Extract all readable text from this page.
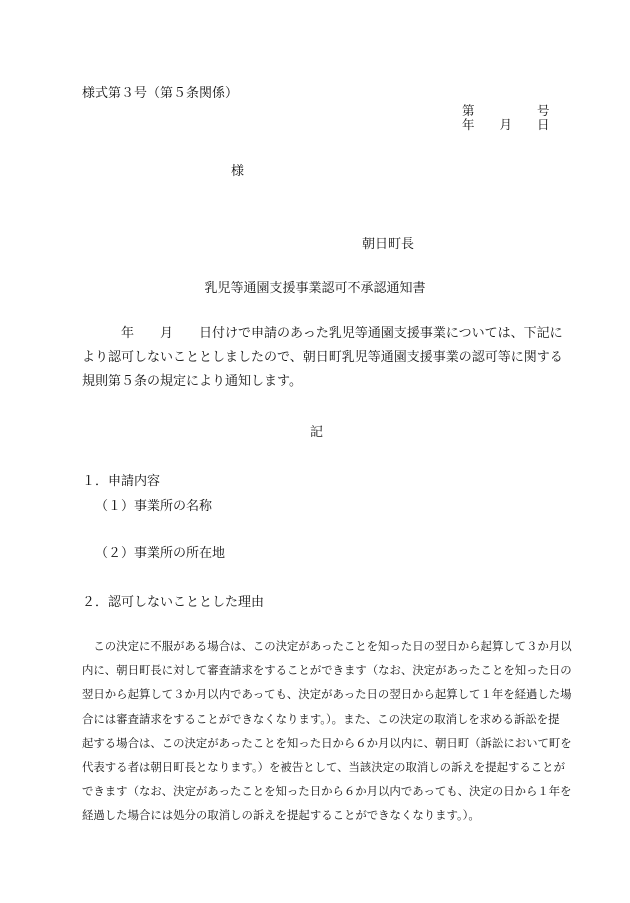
様式第３号（第５条関係）
第　　　　　号
年　　月　　日
様
朝日町長
乳児等通園支援事業認可不承認通知書
　　　年　　月　　日付けで申請のあった乳児等通園支援事業については、下記に
より認可しないこととしましたので、朝日町乳児等通園支援事業の認可等に関する
規則第５条の規定により通知します。
記
１．申請内容
（１）事業所の名称
（２）事業所の所在地
２．認可しないこととした理由
　この決定に不服がある場合は、この決定があったことを知った日の翌日から起算して３か月以
内に、朝日町長に対して審査請求をすることができます（なお、決定があったことを知った日の
翌日から起算して３か月以内であっても、決定があった日の翌日から起算して１年を経過した場
合には審査請求をすることができなくなります。）。また、この決定の取消しを求める訴訟を提
起する場合は、この決定があったことを知った日から６か月以内に、朝日町（訴訟において町を
代表する者は朝日町長となります。）を被告として、当該決定の取消しの訴えを提起することが
できます（なお、決定があったことを知った日から６か月以内であっても、決定の日から１年を
経過した場合には処分の取消しの訴えを提起することができなくなります。）。
